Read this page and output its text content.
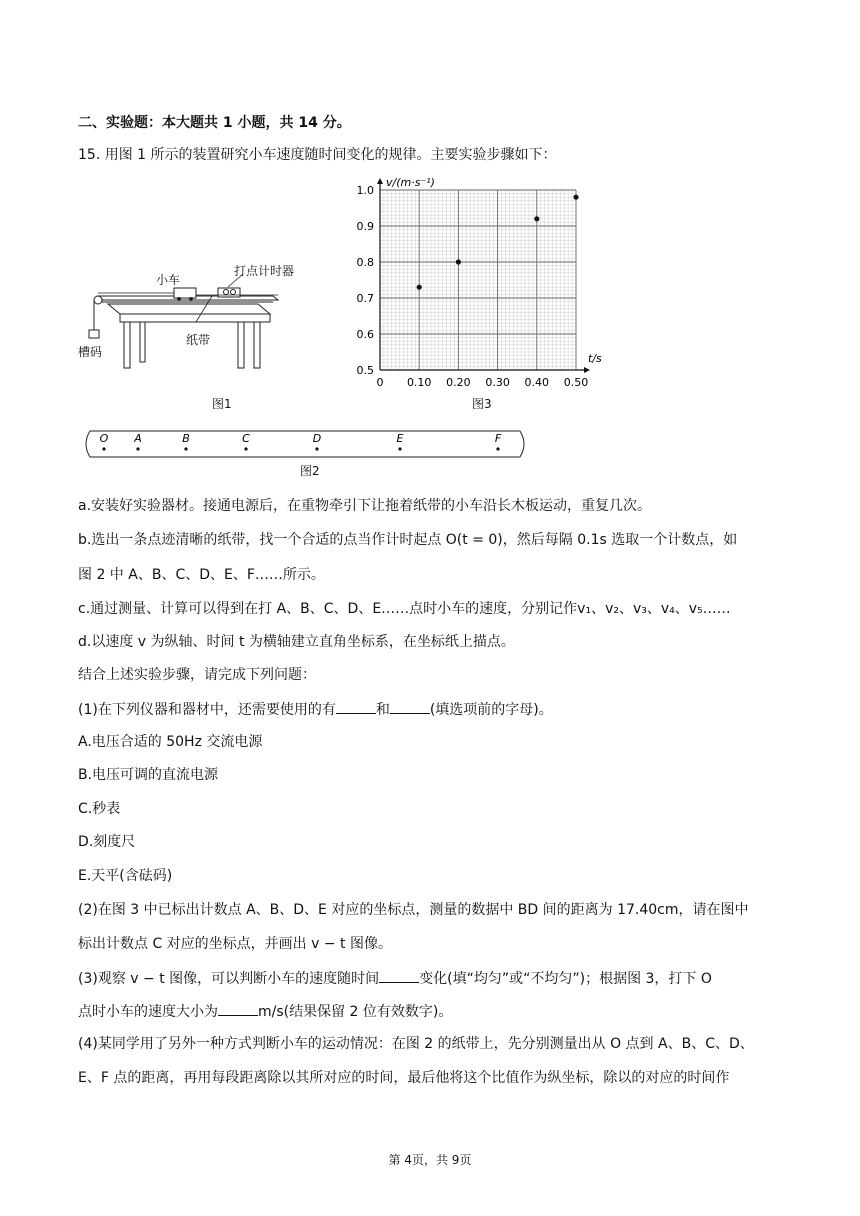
二、实验题：本大题共 1 小题，共 14 分。
15. 用图 1 所示的装置研究小车速度随时间变化的规律。主要实验步骤如下：
小车
打点计时器
纸带
槽码
图1
0 0.10 0.20 0.30 0.40 0.50
0.5
0.6
0.7
0.8
0.9
1.0
v/(m·s⁻¹)
t/s
图3
O A	B	C	D	E	F
图2
a.安装好实验器材。接通电源后，在重物牵引下让拖着纸带的小车沿长木板运动，重复几次。
b.选出一条点迹清晰的纸带，找一个合适的点当作计时起点 O(t = 0)，然后每隔 0.1s 选取一个计数点，如
图 2 中 A、B、C、D、E、F……所示。
c.通过测量、计算可以得到在打 A、B、C、D、E……点时小车的速度，分别记作v₁、v₂、v₃、v₄、v₅……
d.以速度 v 为纵轴、时间 t 为横轴建立直角坐标系，在坐标纸上描点。
结合上述实验步骤，请完成下列问题：
(1)在下列仪器和器材中，还需要使用的有	和	(填选项前的字母)。
A.电压合适的 50Hz 交流电源
B.电压可调的直流电源
C.秒表
D.刻度尺
E.天平(含砝码)
(2)在图 3 中已标出计数点 A、B、D、E 对应的坐标点，测量的数据中 BD 间的距离为 17.40cm，请在图中
标出计数点 C 对应的坐标点，并画出 v − t 图像。
(3)观察 v − t 图像，可以判断小车的速度随时间	变化(填“均匀”或“不均匀”)；根据图 3，打下 O
点时小车的速度大小为	m/s(结果保留 2 位有效数字)。
(4)某同学用了另外一种方式判断小车的运动情况：在图 2 的纸带上，先分别测量出从 O 点到 A、B、C、D、
E、F 点的距离，再用每段距离除以其所对应的时间，最后他将这个比值作为纵坐标，除以的对应的时间作
第 4页，共 9页
